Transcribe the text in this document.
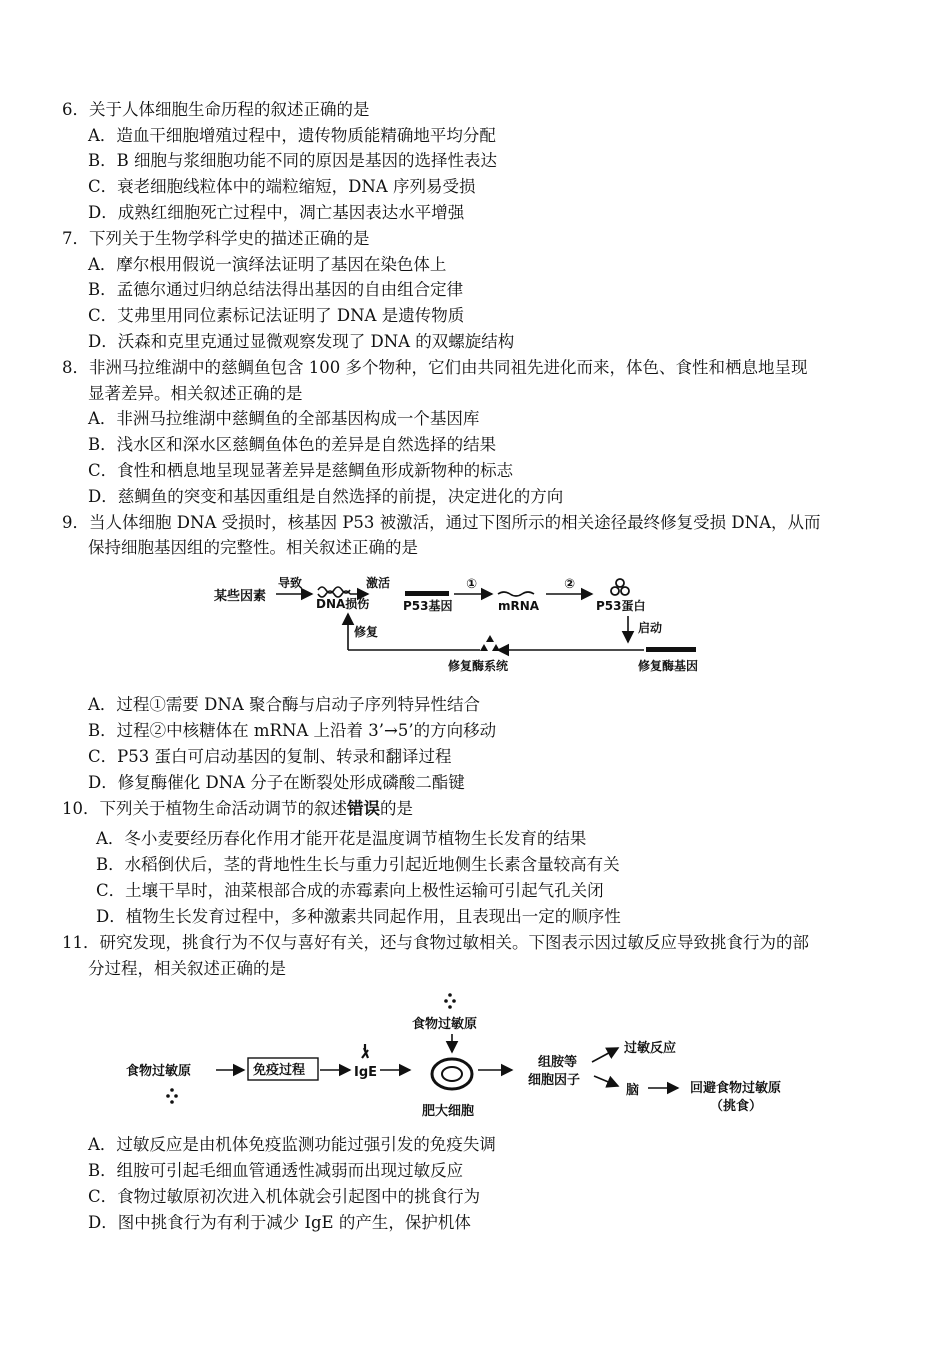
6．关于人体细胞生命历程的叙述正确的是
A．造血干细胞增殖过程中，遗传物质能精确地平均分配
B．B 细胞与浆细胞功能不同的原因是基因的选择性表达
C．衰老细胞线粒体中的端粒缩短，DNA 序列易受损
D．成熟红细胞死亡过程中，凋亡基因表达水平增强
7．下列关于生物学科学史的描述正确的是
A．摩尔根用假说一演绎法证明了基因在染色体上
B．孟德尔通过归纳总结法得出基因的自由组合定律
C．艾弗里用同位素标记法证明了 DNA 是遗传物质
D．沃森和克里克通过显微观察发现了 DNA 的双螺旋结构
8．非洲马拉维湖中的慈鲷鱼包含 100 多个物种，它们由共同祖先进化而来，体色、食性和栖息地呈现
显著差异。相关叙述正确的是
A．非洲马拉维湖中慈鲷鱼的全部基因构成一个基因库
B．浅水区和深水区慈鲷鱼体色的差异是自然选择的结果
C．食性和栖息地呈现显著差异是慈鲷鱼形成新物种的标志
D．慈鲷鱼的突变和基因重组是自然选择的前提，决定进化的方向
9．当人体细胞 DNA 受损时，核基因 P53 被激活，通过下图所示的相关途径最终修复受损 DNA，从而
保持细胞基因组的完整性。相关叙述正确的是
某些因素
导致
DNA损伤
激活
P53基因
①
mRNA
②
P53蛋白
启动
修复酶基因
修复酶系统
修复
A．过程①需要 DNA 聚合酶与启动子序列特异性结合
B．过程②中核糖体在 mRNA 上沿着 3’→5’的方向移动
C．P53 蛋白可启动基因的复制、转录和翻译过程
D．修复酶催化 DNA 分子在断裂处形成磷酸二酯键
10．下列关于植物生命活动调节的叙述错误的是
A．冬小麦要经历春化作用才能开花是温度调节植物生长发育的结果
B．水稻倒伏后，茎的背地性生长与重力引起近地侧生长素含量较高有关
C．土壤干旱时，油菜根部合成的赤霉素向上极性运输可引起气孔关闭
D．植物生长发育过程中，多种激素共同起作用，且表现出一定的顺序性
11．研究发现，挑食行为不仅与喜好有关，还与食物过敏相关。下图表示因过敏反应导致挑食行为的部
分过程，相关叙述正确的是
食物过敏原	免疫过程	IgE
食物过敏原
肥大细胞
组胺等
细胞因子
过敏反应
脑	回避食物过敏原
（挑食）
A．过敏反应是由机体免疫监测功能过强引发的免疫失调
B．组胺可引起毛细血管通透性减弱而出现过敏反应
C．食物过敏原初次进入机体就会引起图中的挑食行为
D．图中挑食行为有利于减少 IgE 的产生，保护机体
